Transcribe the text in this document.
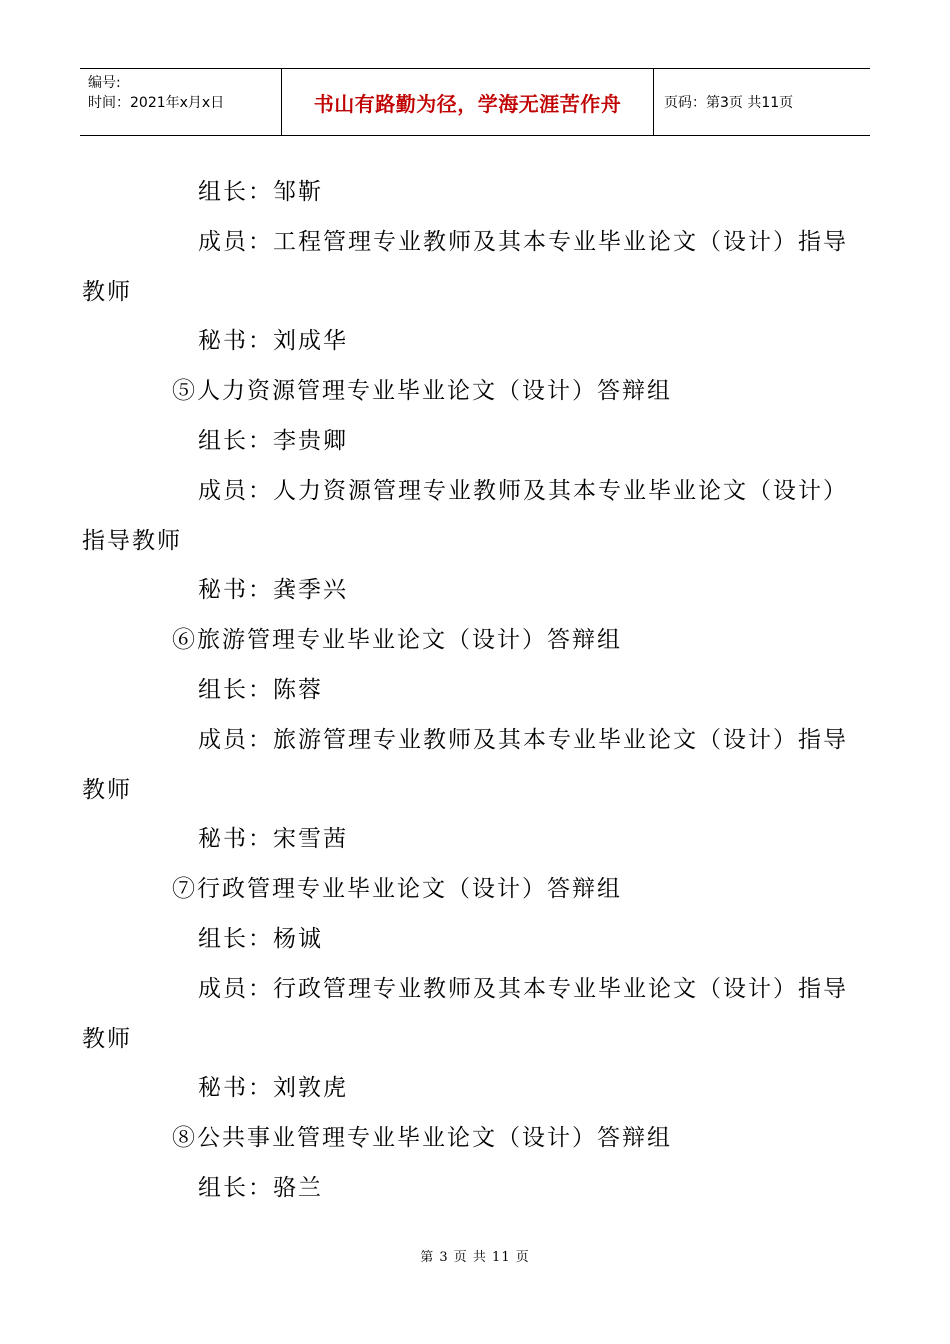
编号:
时间：2021年x月x日	书山有路勤为径，学海无涯苦作舟	页码：第3页 共11页
组长：邹靳
成员：工程管理专业教师及其本专业毕业论文（设计）指导
教师
秘书：刘成华
⑤人力资源管理专业毕业论文（设计）答辩组
组长：李贵卿
成员：人力资源管理专业教师及其本专业毕业论文（设计）
指导教师
秘书：龚季兴
⑥旅游管理专业毕业论文（设计）答辩组
组长：陈蓉
成员：旅游管理专业教师及其本专业毕业论文（设计）指导
教师
秘书：宋雪茜
⑦行政管理专业毕业论文（设计）答辩组
组长：杨诚
成员：行政管理专业教师及其本专业毕业论文（设计）指导
教师
秘书：刘敦虎
⑧公共事业管理专业毕业论文（设计）答辩组
组长：骆兰
第 3 页 共 11 页
